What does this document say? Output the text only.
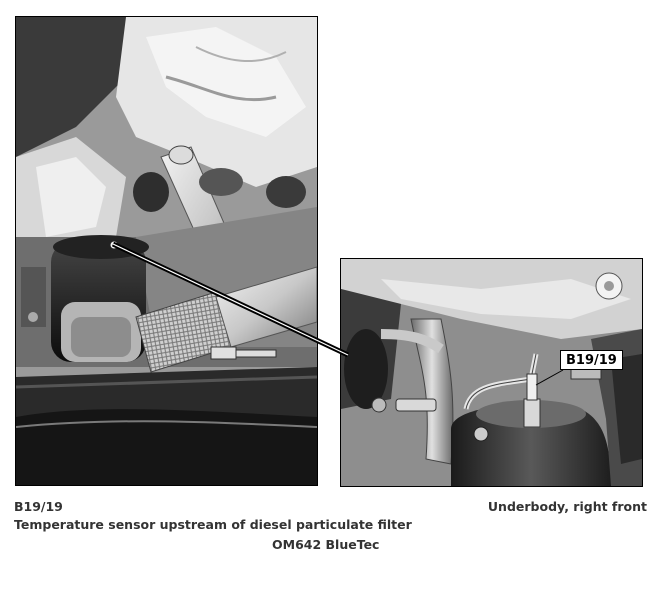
B19/19
B19/19	Underbody, right front
Temperature sensor upstream of diesel particulate filter
OM642 BlueTec
